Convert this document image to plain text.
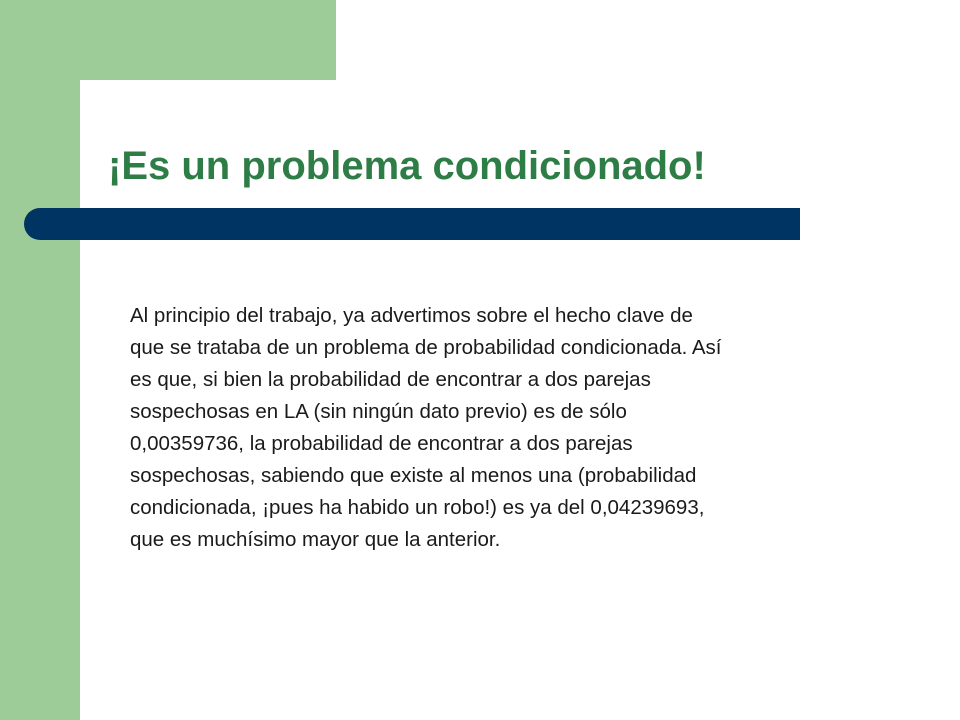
¡Es un problema condicionado!

Al principio del trabajo, ya advertimos sobre el hecho clave de
que se trataba de un problema de probabilidad condicionada. Así
es que, si bien la probabilidad de encontrar a dos parejas
sospechosas en LA (sin ningún dato previo) es de sólo
0,00359736, la probabilidad de encontrar a dos parejas
sospechosas, sabiendo que existe al menos una (probabilidad
condicionada, ¡pues ha habido un robo!) es ya del 0,04239693,
que es muchísimo mayor que la anterior.
